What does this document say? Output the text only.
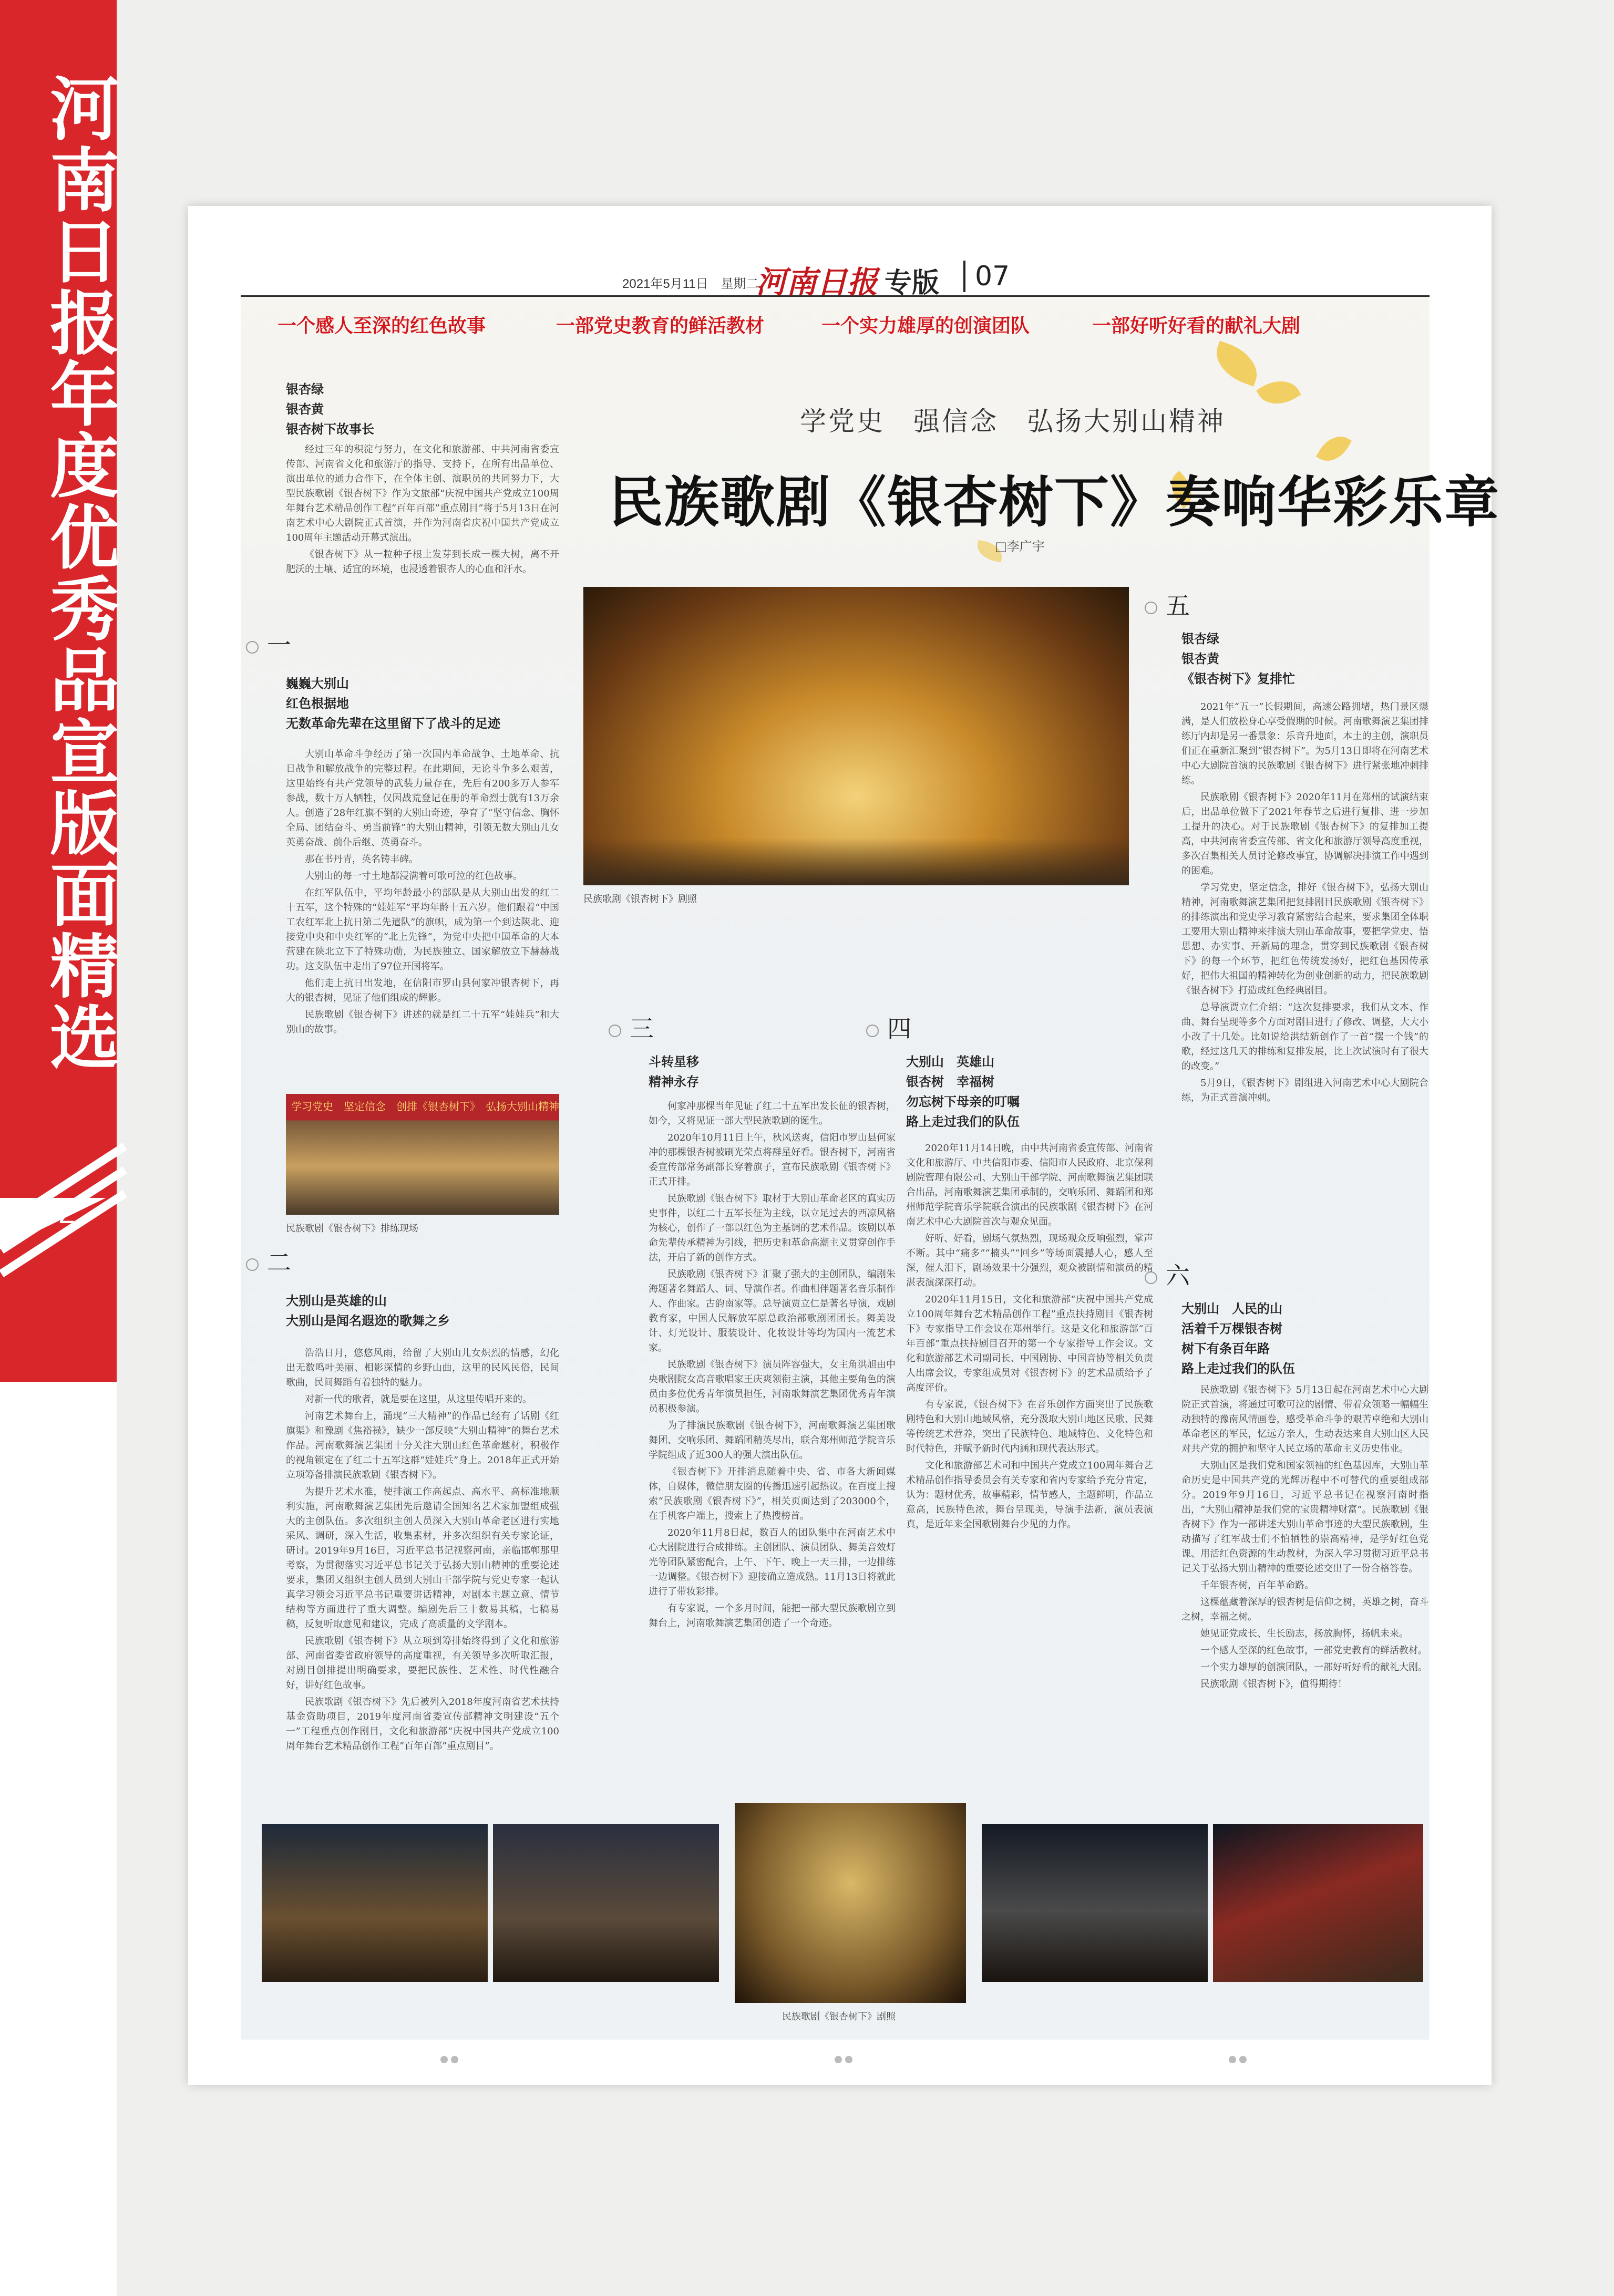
河南日报年度优秀品宣版面精选
02
2021年5月11日　星期二
河南日报 专版	07
一个感人至深的红色故事	一部党史教育的鲜活教材	一个实力雄厚的创演团队	一部好听好看的献礼大剧
学党史　强信念　弘扬大别山精神
民族歌剧《银杏树下》奏响华彩乐章
□李广宇
银杏绿
银杏黄
银杏树下故事长

经过三年的积淀与努力，在文化和旅游部、中共河南省委宣传部、河南省文化和旅游厅的指导、支持下，在所有出品单位、演出单位的通力合作下，在全体主创、演职员的共同努力下，大型民族歌剧《银杏树下》作为文旅部“庆祝中国共产党成立100周年舞台艺术精品创作工程”百年百部”重点剧目”将于5月13日在河南艺术中心大剧院正式首演，并作为河南省庆祝中国共产党成立100周年主题活动开幕式演出。

《银杏树下》从一粒种子根土发芽到长成一棵大树，离不开肥沃的土壤、适宜的环境，也浸透着银杏人的心血和汗水。

一
巍巍大别山
红色根据地
无数革命先辈在这里留下了战斗的足迹

大别山革命斗争经历了第一次国内革命战争、土地革命、抗日战争和解放战争的完整过程。在此期间，无论斗争多么艰苦，这里始终有共产党领导的武装力量存在，先后有200多万人参军参战，数十万人牺牲，仅因战荒登记在册的革命烈士就有13万余人。创造了28年红旗不倒的大别山奇迹，孕育了“坚守信念、胸怀全局、团结奋斗、勇当前锋”的大别山精神，引领无数大别山儿女英勇奋战、前仆后继、英勇奋斗。

那在书丹青，英名铸丰碑。

大别山的每一寸土地都浸满着可歌可泣的红色故事。

在红军队伍中，平均年龄最小的部队是从大别山出发的红二十五军，这个特殊的“娃娃军”平均年龄十五六岁。他们跟着“中国工农红军北上抗日第二先遣队”的旗帜，成为第一个到达陕北、迎接党中央和中央红军的“北上先锋”，为党中央把中国革命的大本营建在陕北立下了特殊功勋，为民族独立、国家解放立下赫赫战功。这支队伍中走出了97位开国将军。

他们走上抗日出发地，在信阳市罗山县何家冲银杏树下，再大的银杏树，见证了他们组成的辉影。

民族歌剧《银杏树下》讲述的就是红二十五军“娃娃兵”和大别山的故事。

学习党史　坚定信念　创排《银杏树下》　弘扬大别山精神
民族歌剧《银杏树下》排练现场
二
大别山是英雄的山
大别山是闻名遐迩的歌舞之乡

浩浩日月，悠悠风雨，给留了大别山儿女炽烈的情感，幻化出无数鸣叶美丽、相影深情的乡野山曲，这里的民风民俗，民间歌曲，民间舞蹈有着独特的魅力。

对新一代的歌者，就是要在这里，从这里传唱开来的。

河南艺术舞台上，涌现“三大精神”的作品已经有了话剧《红旗渠》和豫剧《焦裕禄》，缺少一部反映“大别山精神”的舞台艺术作品。河南歌舞演艺集团十分关注大别山红色革命题材，积极作的视角锁定在了红二十五军这群“娃娃兵”身上。2018年正式开始立项筹备排演民族歌剧《银杏树下》。

为提升艺术水准，使排演工作高起点、高水平、高标准地顺利实施，河南歌舞演艺集团先后邀请全国知名艺术家加盟组成强大的主创队伍。多次组织主创人员深入大别山革命老区进行实地采风、调研，深入生活，收集素材，并多次组织有关专家论证，研讨。2019年9月16日，习近平总书记视察河南，亲临邯郸那里考察，为贯彻落实习近平总书记关于弘扬大别山精神的重要论述要求，集团又组织主创人员到大别山干部学院与党史专家一起认真学习领会习近平总书记重要讲话精神，对剧本主题立意、情节结构等方面进行了重大调整。编剧先后三十数易其稿，七稿易稿，反复听取意见和建议，完成了高质量的文学剧本。

民族歌剧《银杏树下》从立项到筹排始终得到了文化和旅游部、河南省委省政府领导的高度重视，有关领导多次听取汇报，对剧目创排提出明确要求，要把民族性、艺术性、时代性融合好，讲好红色故事。

民族歌剧《银杏树下》先后被列入2018年度河南省艺术扶持基金资助项目，2019年度河南省委宣传部精神文明建设“五个一”工程重点创作剧目，文化和旅游部“庆祝中国共产党成立100周年舞台艺术精品创作工程”百年百部”重点剧目”。

民族歌剧《银杏树下》剧照
三
斗转星移
精神永存

何家冲那棵当年见证了红二十五军出发长征的银杏树，如今，又将见证一部大型民族歌剧的诞生。

2020年10月11日上午，秋风送爽，信阳市罗山县何家冲的那棵银杏树被刷光荣点将群星好看。银杏树下，河南省委宣传部常务副部长穿着旗子，宣布民族歌剧《银杏树下》正式开排。

民族歌剧《银杏树下》取材于大别山革命老区的真实历史事件，以红二十五军长征为主线，以立足过去的西凉风格为核心，创作了一部以红色为主基调的艺术作品。该剧以革命先辈传承精神为引线，把历史和革命高潮主义贯穿创作手法，开启了新的创作方式。

民族歌剧《银杏树下》汇聚了强大的主创团队，编剧朱海题著名舞蹈人、词、导演作者。作曲相伴题著名音乐制作人、作曲家。古韵南家等。总导演贾立仁是著名导演，戏剧教育家，中国人民解放军原总政治部歌剧团团长。舞美设计、灯光设计、服装设计、化妆设计等均为国内一流艺术家。

民族歌剧《银杏树下》演员阵容强大，女主角洪旭由中央歌剧院女高音歌唱家王庆爽领衔主演，其他主要角色的演员由多位优秀青年演员担任，河南歌舞演艺集团优秀青年演员积极参演。

为了排演民族歌剧《银杏树下》，河南歌舞演艺集团歌舞团、交响乐团、舞蹈团精英尽出，联合郑州师范学院音乐学院组成了近300人的强大演出队伍。

《银杏树下》开排消息随着中央、省、市各大新闻媒体，自媒体，微信朋友圈的传播迅速引起热议。在百度上搜索“民族歌剧《银杏树下》”，相关页面达到了203000个，在手机客户端上，搜索上了热搜榜首。

2020年11月8日起，数百人的团队集中在河南艺术中心大剧院进行合成排练。主创团队、演员团队、舞美音效灯光等团队紧密配合，上午、下午、晚上一天三排，一边排练一边调整。《银杏树下》迎接确立造成熟。11月13日将就此进行了带妆彩排。

有专家说，一个多月时间，能把一部大型民族歌剧立到舞台上，河南歌舞演艺集团创造了一个奇迹。

四
大别山　英雄山
银杏树　幸福树
勿忘树下母亲的叮嘱
路上走过我们的队伍

2020年11月14日晚，由中共河南省委宣传部、河南省文化和旅游厅、中共信阳市委、信阳市人民政府、北京保利剧院管理有限公司、大别山干部学院、河南歌舞演艺集团联合出品，河南歌舞演艺集团承制的，交响乐团、舞蹈团和郑州师范学院音乐学院联合演出的民族歌剧《银杏树下》在河南艺术中心大剧院首次与观众见面。

好听、好看，剧场气氛热烈，现场观众反响强烈，掌声不断。其中“痛多”“楠头”“回乡”等场面震撼人心，感人至深，催人泪下，剧场效果十分强烈，观众被剧情和演员的精湛表演深深打动。

2020年11月15日，文化和旅游部“庆祝中国共产党成立100周年舞台艺术精品创作工程”重点扶持剧目《银杏树下》专家指导工作会议在郑州举行。这是文化和旅游部“百年百部”重点扶持剧目召开的第一个专家指导工作会议。文化和旅游部艺术司副司长、中国剧协、中国音协等相关负责人出席会议，专家组成员对《银杏树下》的艺术品质给予了高度评价。

有专家说，《银杏树下》在音乐创作方面突出了民族歌剧特色和大别山地域风格，充分汲取大别山地区民歌、民舞等传统艺术营养，突出了民族特色、地域特色、文化特色和时代特色，并赋予新时代内涵和现代表达形式。

文化和旅游部艺术司和中国共产党成立100周年舞台艺术精品创作指导委员会有关专家和省内专家给予充分肯定，认为：题材优秀，故事精彩，情节感人，主题鲜明，作品立意高，民族特色浓，舞台呈现美，导演手法新，演员表演真，是近年来全国歌剧舞台少见的力作。

五
银杏绿
银杏黄
《银杏树下》复排忙

2021年“五一”长假期间，高速公路拥堵，热门景区爆满，是人们放松身心享受假期的时候。河南歌舞演艺集团排练厅内却是另一番景象：乐音升地面，本土的主创，演职员们正在重新汇聚到“银杏树下”。为5月13日即将在河南艺术中心大剧院首演的民族歌剧《银杏树下》进行紧张地冲刺排练。

民族歌剧《银杏树下》2020年11月在郑州的试演结束后，出品单位做下了2021年春节之后进行复排、进一步加工提升的决心。对于民族歌剧《银杏树下》的复排加工提高，中共河南省委宣传部、省文化和旅游厅领导高度重视，多次召集相关人员讨论修改事宜，协调解决排演工作中遇到的困难。

学习党史，坚定信念，排好《银杏树下》，弘扬大别山精神，河南歌舞演艺集团把复排剧目民族歌剧《银杏树下》的排练演出和党史学习教育紧密结合起来，要求集团全体职工要用大别山精神来排演大别山革命故事，要把学党史、悟思想、办实事、开新局的理念，贯穿到民族歌剧《银杏树下》的每一个环节，把红色传统发扬好，把红色基因传承好，把伟大祖国的精神转化为创业创新的动力，把民族歌剧《银杏树下》打造成红色经典剧目。

总导演贾立仁介绍：“这次复排要求，我们从文本、作曲、舞台呈现等多个方面对剧目进行了修改、调整，大大小小改了十几处。比如说给洪结新创作了一首“摆一个钱”的歌，经过这几天的排练和复排发展，比上次试演时有了很大的改变。”

5月9日，《银杏树下》剧组进入河南艺术中心大剧院合练，为正式首演冲刺。

六
大别山　人民的山
活着千万棵银杏树
树下有条百年路
路上走过我们的队伍

民族歌剧《银杏树下》5月13日起在河南艺术中心大剧院正式首演，将通过可歌可泣的剧情、带着众领略一幅幅生动独特的豫南风情画卷，感受革命斗争的艰苦卓绝和大别山革命老区的军民，忆远方亲人，生动表达来自大别山区人民对共产党的拥护和坚守人民立场的革命主义历史伟业。

大别山区是我们党和国家领袖的红色基因库，大别山革命历史是中国共产党的光辉历程中不可替代的重要组成部分。2019年9月16日，习近平总书记在视察河南时指出，“大别山精神是我们党的宝贵精神财富”。民族歌剧《银杏树下》作为一部讲述大别山革命事迹的大型民族歌剧，生动描写了红军战士们不怕牺牲的崇高精神，是学好红色党课、用活红色资源的生动教材，为深入学习贯彻习近平总书记关于弘扬大别山精神的重要论述交出了一份合格答卷。

千年银杏树，百年革命路。

这棵蕴藏着深厚的银杏树是信仰之树，英雄之树，奋斗之树，幸福之树。

她见证党成长、生长励志，扬放胸怀，扬帆未来。

一个感人至深的红色故事，一部党史教育的鲜活教材。

一个实力雄厚的创演团队，一部好听好看的献礼大剧。

民族歌剧《银杏树下》，值得期待！

民族歌剧《银杏树下》剧照
